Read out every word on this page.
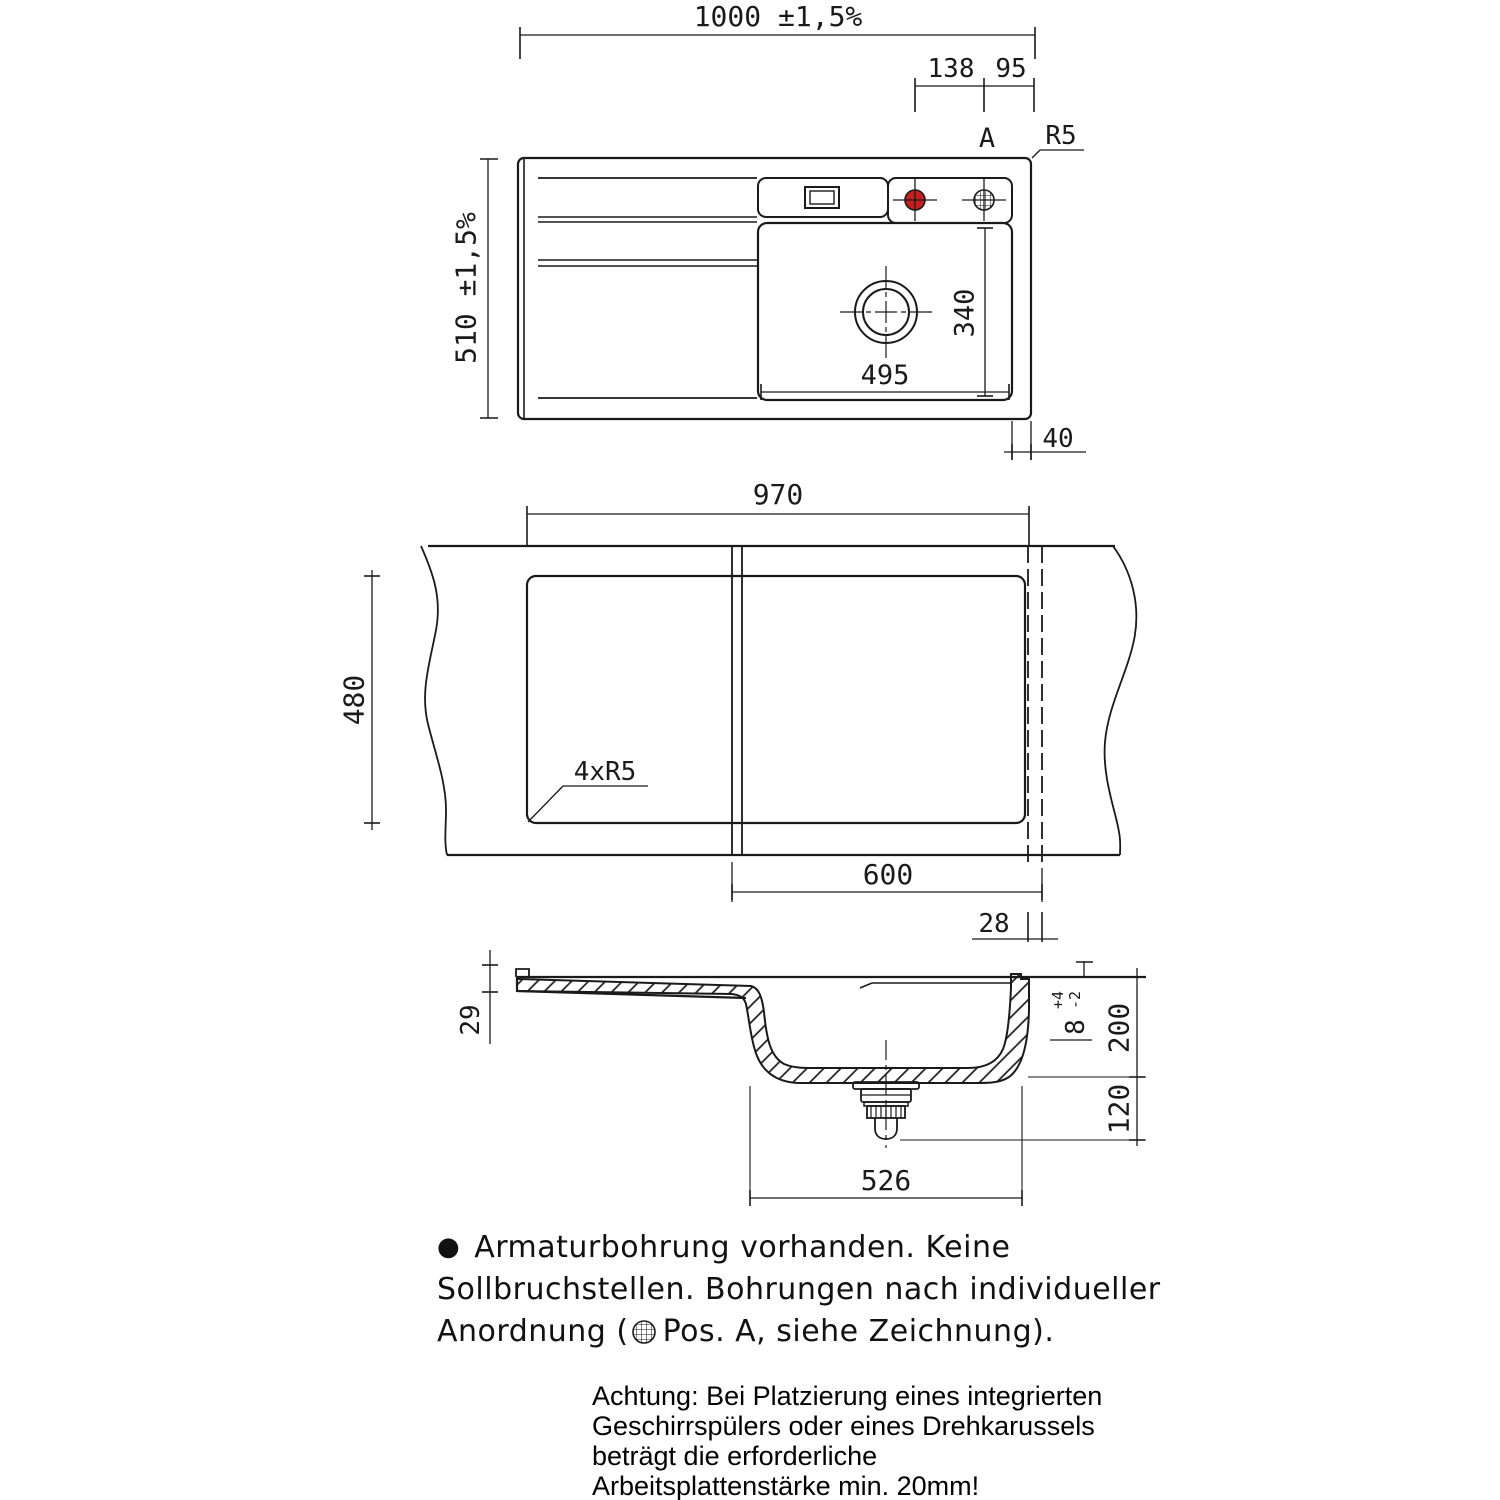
1000 ±1,5%
510 ±1,5%
138 95
A R5
340
495
40
970
480
4xR5
600
28
29	8
+4 -2
200
120
526
● Armaturbohrung vorhanden. Keine
Sollbruchstellen. Bohrungen nach individueller
Anordnung ( Pos. A, siehe Zeichnung).
Achtung: Bei Platzierung eines integrierten
Geschirrspülers oder eines Drehkarussels
beträgt die erforderliche
Arbeitsplattenstärke min. 20mm!
